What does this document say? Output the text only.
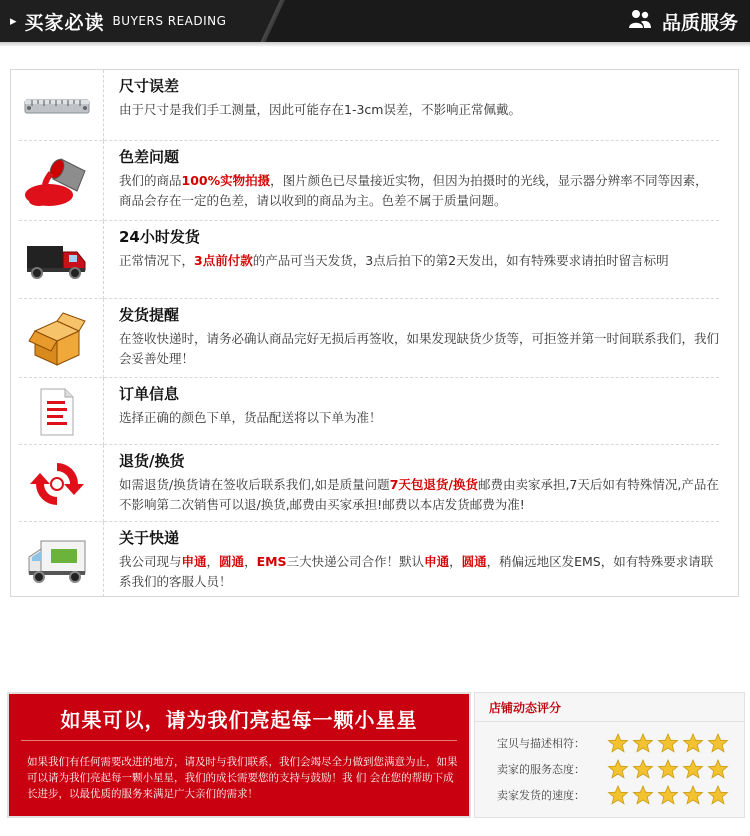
▸ 买家必读 BUYERS READING	品质服务
尺寸误差

由于尺寸是我们手工测量，因此可能存在1-3cm误差，不影响正常佩戴。

色差问题

我们的商品100%实物拍摄，图片颜色已尽量接近实物，但因为拍摄时的光线，显示器分辨率不同等因素，商品会存在一定的色差，请以收到的商品为主。色差不属于质量问题。

24小时发货

正常情况下，3点前付款的产品可当天发货，3点后拍下的第2天发出，如有特殊要求请拍时留言标明

发货提醒

在签收快递时，请务必确认商品完好无损后再签收，如果发现缺货少货等，可拒签并第一时间联系我们，我们会妥善处理！

订单信息

选择正确的颜色下单，货品配送将以下单为准！

退货/换货

如需退货/换货请在签收后联系我们,如是质量问题7天包退货/换货邮费由卖家承担,7天后如有特殊情况,产品在不影响第二次销售可以退/换货,邮费由买家承担!邮费以本店发货邮费为准!

关于快递

我公司现与申通，圆通，EMS三大快递公司合作！默认申通，圆通，稍偏远地区发EMS，如有特殊要求请联系我们的客服人员！

如果可以，请为我们亮起每一颗小星星
如果我们有任何需要改进的地方，请及时与我们联系，我们会竭尽全力做到您满意为止，如果可以请为我们亮起每一颗小星星，我们的成长需要您的支持与鼓励！我 们 会在您的帮助下成长进步，以最优质的服务来满足广大亲们的需求！
店铺动态评分
宝贝与描述相符：
卖家的服务态度：
卖家发货的速度：
